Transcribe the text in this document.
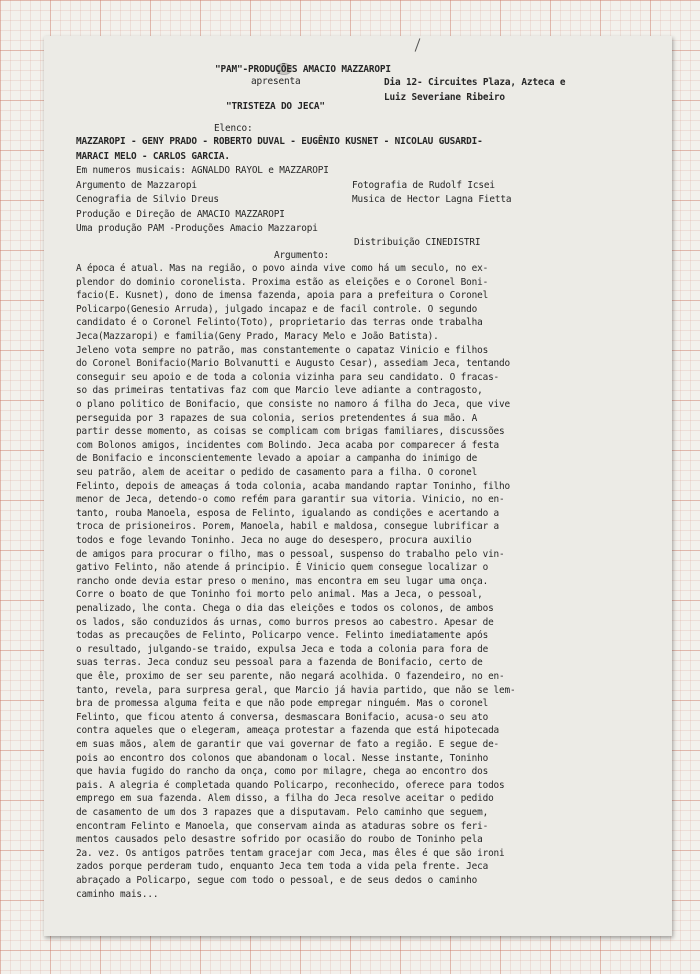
"PAM"-PRODUÇÕES AMACIO MAZZAROPI
apresenta
"TRISTEZA DO JECA"
Dia 12- Circuites Plaza, Azteca e
Luiz Severiane Ribeiro
Elenco:
MAZZAROPI - GENY PRADO - ROBERTO DUVAL - EUGÊNIO KUSNET - NICOLAU GUSARDI-
MARACI MELO - CARLOS GARCIA.
Em numeros musicais: AGNALDO RAYOL e MAZZAROPI
Argumento de Mazzaropi	Fotografia de Rudolf Icsei
Cenografia de Silvio Dreus	Musica de Hector Lagna Fietta
Produção e Direção de AMACIO MAZZAROPI
Uma produção PAM -Produções Amacio Mazzaropi
Distribuição CINEDISTRI
Argumento:
A época é atual. Mas na região, o povo ainda vive como há um seculo, no ex-
plendor do dominio coronelista. Proxima estão as eleições e o Coronel Boni-
facio(E. Kusnet), dono de imensa fazenda, apoia para a prefeitura o Coronel
Policarpo(Genesio Arruda), julgado incapaz e de facil controle. O segundo
candidato é o Coronel Felinto(Toto), proprietario das terras onde trabalha
Jeca(Mazzaropi) e familia(Geny Prado, Maracy Melo e João Batista).
Jeleno vota sempre no patrão, mas constantemente o capataz Vinicio e filhos
do Coronel Bonifacio(Mario Bolvanutti e Augusto Cesar), assediam Jeca, tentando
conseguir seu apoio e de toda a colonia vizinha para seu candidato. O fracas-
so das primeiras tentativas faz com que Marcio leve adiante a contragosto,
o plano politico de Bonifacio, que consiste no namoro á filha do Jeca, que vive
perseguida por 3 rapazes de sua colonia, serios pretendentes á sua mão. A
partir desse momento, as coisas se complicam com brigas familiares, discussões
com Bolonos amigos, incidentes com Bolindo. Jeca acaba por comparecer á festa
de Bonifacio e inconscientemente levado a apoiar a campanha do inimigo de
seu patrão, alem de aceitar o pedido de casamento para a filha. O coronel
Felinto, depois de ameaças á toda colonia, acaba mandando raptar Toninho, filho
menor de Jeca, detendo-o como refém para garantir sua vitoria. Vinicio, no en-
tanto, rouba Manoela, esposa de Felinto, igualando as condições e acertando a
troca de prisioneiros. Porem, Manoela, habil e maldosa, consegue lubrificar a
todos e foge levando Toninho. Jeca no auge do desespero, procura auxilio
de amigos para procurar o filho, mas o pessoal, suspenso do trabalho pelo vin-
gativo Felinto, não atende á principio. É Vinicio quem consegue localizar o
rancho onde devia estar preso o menino, mas encontra em seu lugar uma onça.
Corre o boato de que Toninho foi morto pelo animal. Mas a Jeca, o pessoal,
penalizado, lhe conta. Chega o dia das eleições e todos os colonos, de ambos
os lados, são conduzidos ás urnas, como burros presos ao cabestro. Apesar de
todas as precauções de Felinto, Policarpo vence. Felinto imediatamente após
o resultado, julgando-se traido, expulsa Jeca e toda a colonia para fora de
suas terras. Jeca conduz seu pessoal para a fazenda de Bonifacio, certo de
que êle, proximo de ser seu parente, não negará acolhida. O fazendeiro, no en-
tanto, revela, para surpresa geral, que Marcio já havia partido, que não se lem-
bra de promessa alguma feita e que não pode empregar ninguém. Mas o coronel
Felinto, que ficou atento á conversa, desmascara Bonifacio, acusa-o seu ato
contra aqueles que o elegeram, ameaça protestar a fazenda que está hipotecada
em suas mãos, alem de garantir que vai governar de fato a região. E segue de-
pois ao encontro dos colonos que abandonam o local. Nesse instante, Toninho
que havia fugido do rancho da onça, como por milagre, chega ao encontro dos
pais. A alegria é completada quando Policarpo, reconhecido, oferece para todos
emprego em sua fazenda. Alem disso, a filha do Jeca resolve aceitar o pedido
de casamento de um dos 3 rapazes que a disputavam. Pelo caminho que seguem,
encontram Felinto e Manoela, que conservam ainda as ataduras sobre os feri-
mentos causados pelo desastre sofrido por ocasião do roubo de Toninho pela
2a. vez. Os antigos patrões tentam gracejar com Jeca, mas êles é que são ironi
zados porque perderam tudo, enquanto Jeca tem toda a vida pela frente. Jeca
abraçado a Policarpo, segue com todo o pessoal, e de seus dedos o caminho
caminho mais...
